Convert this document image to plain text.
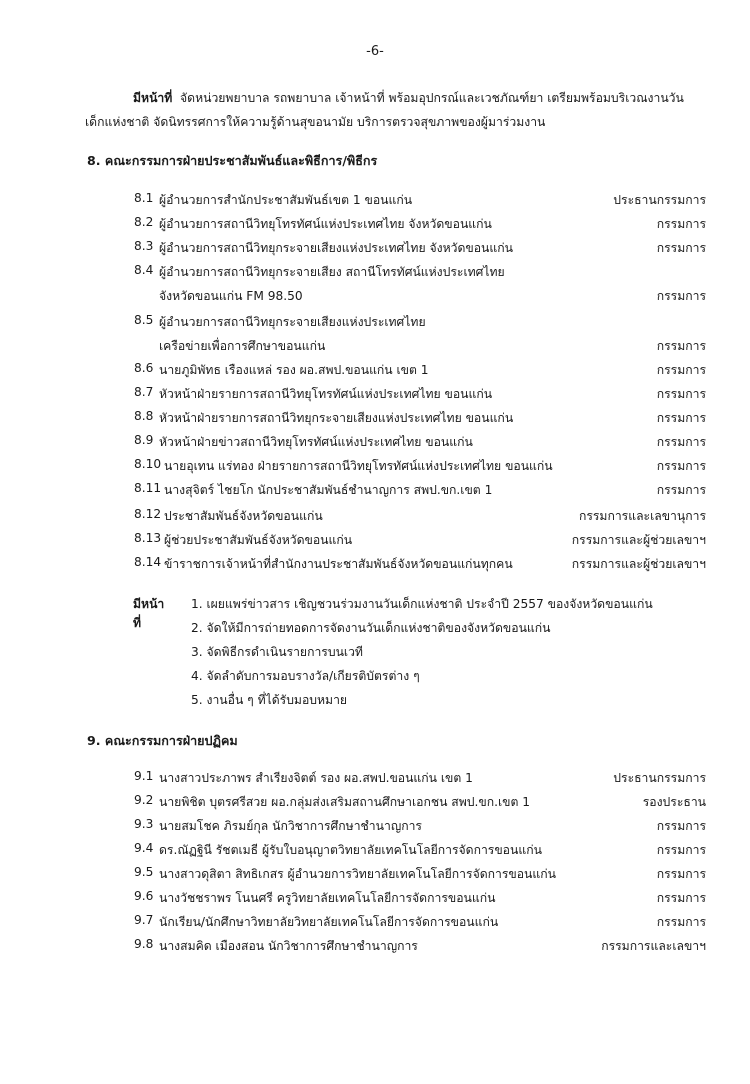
-6-
มีหน้าที่ จัดหน่วยพยาบาล รถพยาบาล เจ้าหน้าที่ พร้อมอุปกรณ์และเวชภัณฑ์ยา เตรียมพร้อมบริเวณงานวัน
เด็กแห่งชาติ จัดนิทรรศการให้ความรู้ด้านสุขอนามัย บริการตรวจสุขภาพของผู้มาร่วมงาน
8. คณะกรรมการฝ่ายประชาสัมพันธ์และพิธีการ/พิธีกร
8.1 ผู้อำนวยการสำนักประชาสัมพันธ์เขต 1 ขอนแก่น	ประธานกรรมการ
8.2 ผู้อำนวยการสถานีวิทยุโทรทัศน์แห่งประเทศไทย จังหวัดขอนแก่น	กรรมการ
8.3 ผู้อำนวยการสถานีวิทยุกระจายเสียงแห่งประเทศไทย จังหวัดขอนแก่น	กรรมการ
8.4 ผู้อำนวยการสถานีวิทยุกระจายเสียง สถานีโทรทัศน์แห่งประเทศไทย
จังหวัดขอนแก่น FM 98.50	กรรมการ
8.5 ผู้อำนวยการสถานีวิทยุกระจายเสียงแห่งประเทศไทย
เครือข่ายเพื่อการศึกษาขอนแก่น	กรรมการ
8.6 นายภูมิพัทธ เรืองแหล่ รอง ผอ.สพป.ขอนแก่น เขต 1	กรรมการ
8.7 หัวหน้าฝ่ายรายการสถานีวิทยุโทรทัศน์แห่งประเทศไทย ขอนแก่น	กรรมการ
8.8 หัวหน้าฝ่ายรายการสถานีวิทยุกระจายเสียงแห่งประเทศไทย ขอนแก่น	กรรมการ
8.9 หัวหน้าฝ่ายข่าวสถานีวิทยุโทรทัศน์แห่งประเทศไทย ขอนแก่น	กรรมการ
8.10 นายอุเทน แร่ทอง ฝ่ายรายการสถานีวิทยุโทรทัศน์แห่งประเทศไทย ขอนแก่น	กรรมการ
8.11 นางสุจิตร์ ไชยโก นักประชาสัมพันธ์ชำนาญการ สพป.ขก.เขต 1	กรรมการ
8.12 ประชาสัมพันธ์จังหวัดขอนแก่น	กรรมการและเลขานุการ
8.13 ผู้ช่วยประชาสัมพันธ์จังหวัดขอนแก่น	กรรมการและผู้ช่วยเลขาฯ
8.14 ข้าราชการเจ้าหน้าที่สำนักงานประชาสัมพันธ์จังหวัดขอนแก่นทุกคน	กรรมการและผู้ช่วยเลขาฯ
มีหน้าที่
1. เผยแพร่ข่าวสาร เชิญชวนร่วมงานวันเด็กแห่งชาติ ประจำปี 2557 ของจังหวัดขอนแก่น
2. จัดให้มีการถ่ายทอดการจัดงานวันเด็กแห่งชาติของจังหวัดขอนแก่น
3. จัดพิธีกรดำเนินรายการบนเวที
4. จัดลำดับการมอบรางวัล/เกียรติบัตรต่าง ๆ
5. งานอื่น ๆ ที่ได้รับมอบหมาย
9. คณะกรรมการฝ่ายปฏิคม
9.1 นางสาวประภาพร สำเรียงจิตต์ รอง ผอ.สพป.ขอนแก่น เขต 1	ประธานกรรมการ
9.2 นายพิชิต บุตรศรีสวย ผอ.กลุ่มส่งเสริมสถานศึกษาเอกชน สพป.ขก.เขต 1	รองประธาน
9.3 นายสมโชค ภิรมย์กุล นักวิชาการศึกษาชำนาญการ	กรรมการ
9.4 ดร.ณัฏฐินี รัชตเมธี ผู้รับใบอนุญาตวิทยาลัยเทคโนโลยีการจัดการขอนแก่น	กรรมการ
9.5 นางสาวดุสิตา สิทธิเกสร ผู้อำนวยการวิทยาลัยเทคโนโลยีการจัดการขอนแก่น	กรรมการ
9.6 นางวัชชราพร โนนศรี ครูวิทยาลัยเทคโนโลยีการจัดการขอนแก่น	กรรมการ
9.7 นักเรียน/นักศึกษาวิทยาลัยวิทยาลัยเทคโนโลยีการจัดการขอนแก่น	กรรมการ
9.8 นางสมคิด เมืองสอน นักวิชาการศึกษาชำนาญการ	กรรมการและเลขาฯ
